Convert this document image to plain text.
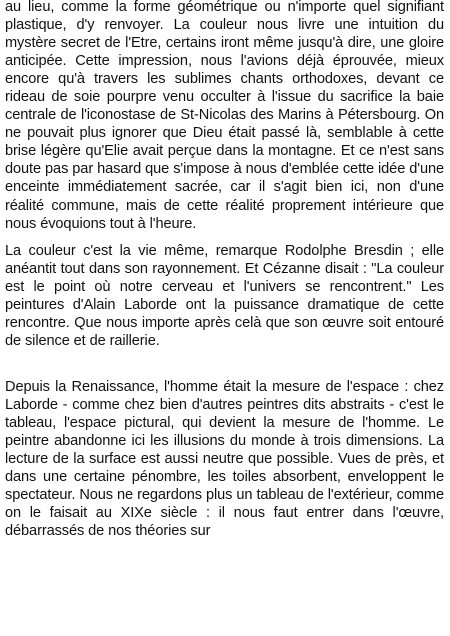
au lieu, comme la forme géométrique ou n'importe quel signifiant plastique, d'y renvoyer. La couleur nous livre une intuition du mystère secret de l'Etre, certains iront même jusqu'à dire, une gloire anticipée. Cette impression, nous l'avions déjà éprouvée, mieux encore qu'à travers les sublimes chants orthodoxes, devant ce rideau de soie pourpre venu occulter à l'issue du sacrifice la baie centrale de l'iconostase de St-Nicolas des Marins à Pétersbourg. On ne pouvait plus ignorer que Dieu était passé là, semblable à cette brise légère qu'Elie avait perçue dans la montagne. Et ce n'est sans doute pas par hasard que s'impose à nous d'emblée cette idée d'une enceinte immédiatement sacrée, car il s'agit bien ici, non d'une réalité commune, mais de cette réalité proprement intérieure que nous évoquions tout à l'heure.

La couleur c'est la vie même, remarque Rodolphe Bresdin ; elle anéantit tout dans son rayonnement. Et Cézanne disait : "La couleur est le point où notre cerveau et l'univers se rencontrent." Les peintures d'Alain Laborde ont la puissance dramatique de cette rencontre. Que nous importe après celà que son œuvre soit entouré de silence et de raillerie.

Depuis la Renaissance, l'homme était la mesure de l'espace : chez Laborde - comme chez bien d'autres peintres dits abstraits - c'est le tableau, l'espace pictural, qui devient la mesure de l'homme. Le peintre abandonne ici les illusions du monde à trois dimensions. La lecture de la surface est aussi neutre que possible. Vues de près, et dans une certaine pénombre, les toiles absorbent, enveloppent le spectateur. Nous ne regardons plus un tableau de l'extérieur, comme on le faisait au XIXe siècle : il nous faut entrer dans l'œuvre, débarrassés de nos théories sur
